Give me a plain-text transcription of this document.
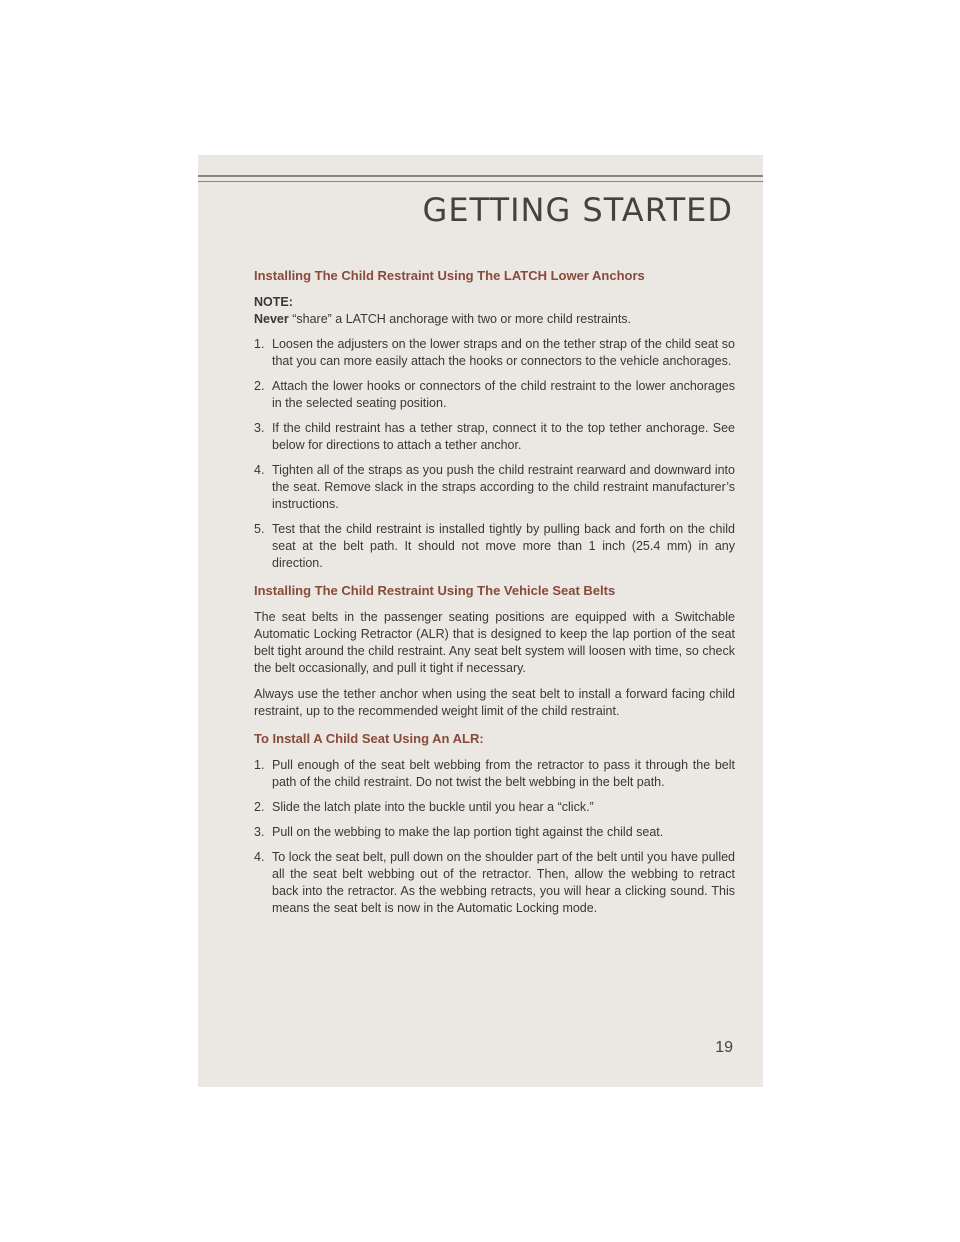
GETTING STARTED
Installing The Child Restraint Using The LATCH Lower Anchors
NOTE:

Never “share” a LATCH anchorage with two or more child restraints.

1. Loosen the adjusters on the lower straps and on the tether strap of the child seat so that you can more easily attach the hooks or connectors to the vehicle anchorages.
2. Attach the lower hooks or connectors of the child restraint to the lower anchorages in the selected seating position.
3. If the child restraint has a tether strap, connect it to the top tether anchorage. See below for directions to attach a tether anchor.
4. Tighten all of the straps as you push the child restraint rearward and downward into the seat. Remove slack in the straps according to the child restraint manufacturer’s instructions.
5. Test that the child restraint is installed tightly by pulling back and forth on the child seat at the belt path. It should not move more than 1 inch (25.4 mm) in any direction.
Installing The Child Restraint Using The Vehicle Seat Belts

The seat belts in the passenger seating positions are equipped with a Switchable Automatic Locking Retractor (ALR) that is designed to keep the lap portion of the seat belt tight around the child restraint. Any seat belt system will loosen with time, so check the belt occasionally, and pull it tight if necessary.

Always use the tether anchor when using the seat belt to install a forward facing child restraint, up to the recommended weight limit of the child restraint.

To Install A Child Seat Using An ALR:
1. Pull enough of the seat belt webbing from the retractor to pass it through the belt path of the child restraint. Do not twist the belt webbing in the belt path.
2. Slide the latch plate into the buckle until you hear a “click.”
3. Pull on the webbing to make the lap portion tight against the child seat.
4. To lock the seat belt, pull down on the shoulder part of the belt until you have pulled all the seat belt webbing out of the retractor. Then, allow the webbing to retract back into the retractor. As the webbing retracts, you will hear a clicking sound. This means the seat belt is now in the Automatic Locking mode.
19
